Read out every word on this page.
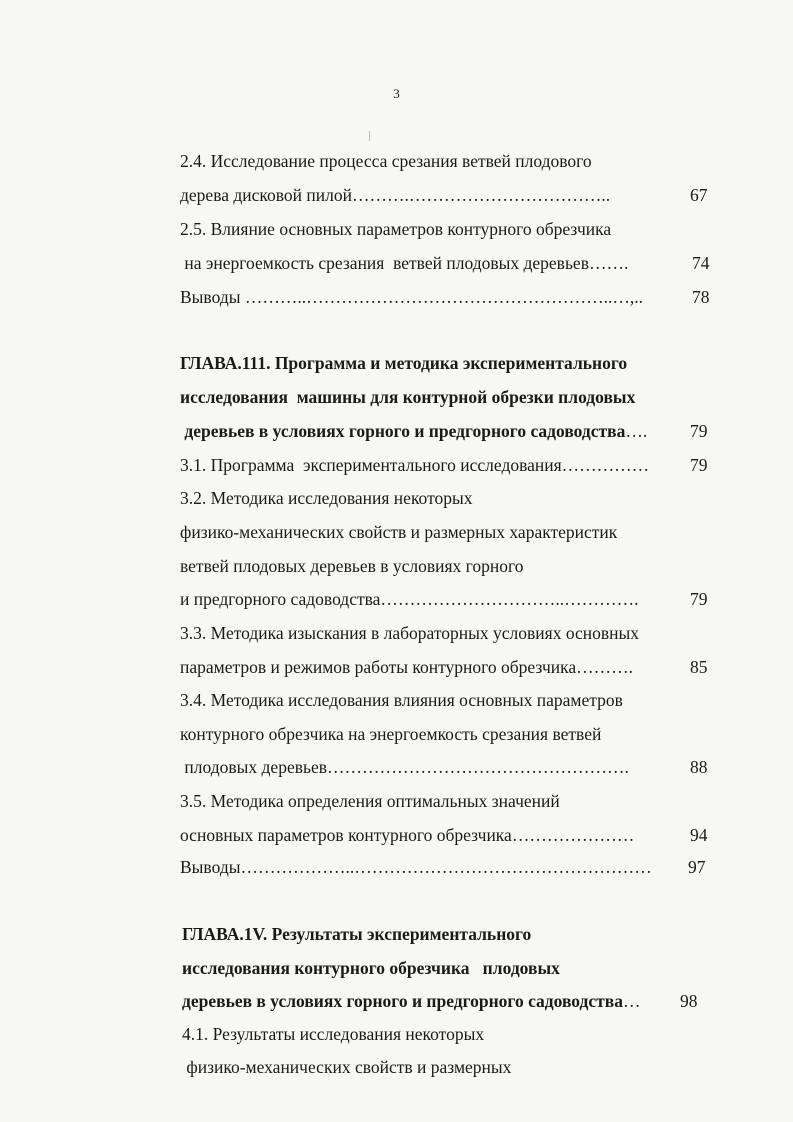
3
2.4. Исследование процесса срезания ветвей плодового
дерева дисковой пилой……….……………………………..	67
2.5. Влияние основных параметров контурного обрезчика
на энергоемкость срезания  ветвей плодовых деревьев…….	74
Выводы ………..……………………………………………..…,..	78
ГЛАВА.111. Программа и методика экспериментального
исследования  машины для контурной обрезки плодовых
деревьев в условиях горного и предгорного садоводства…. 79
3.1. Программа  экспериментального исследования…………… 79
3.2. Методика исследования некоторых
физико-механических свойств и размерных характеристик
ветвей плодовых деревьев в условиях горного
и предгорного садоводства…………………………..………….	79
3.3. Методика изыскания в лабораторных условиях основных
параметров и режимов работы контурного обрезчика……….	85
3.4. Методика исследования влияния основных параметров
контурного обрезчика на энергоемкость срезания ветвей
плодовых деревьев…………………………………………….	88
3.5. Методика определения оптимальных значений
основных параметров контурного обрезчика…………………	94
Выводы………………..…………………………………………… 97
ГЛАВА.1V. Результаты экспериментального
исследования контурного обрезчика   плодовых
деревьев в условиях горного и предгорного садоводства… 98
4.1. Результаты исследования некоторых
физико-механических свойств и размерных
